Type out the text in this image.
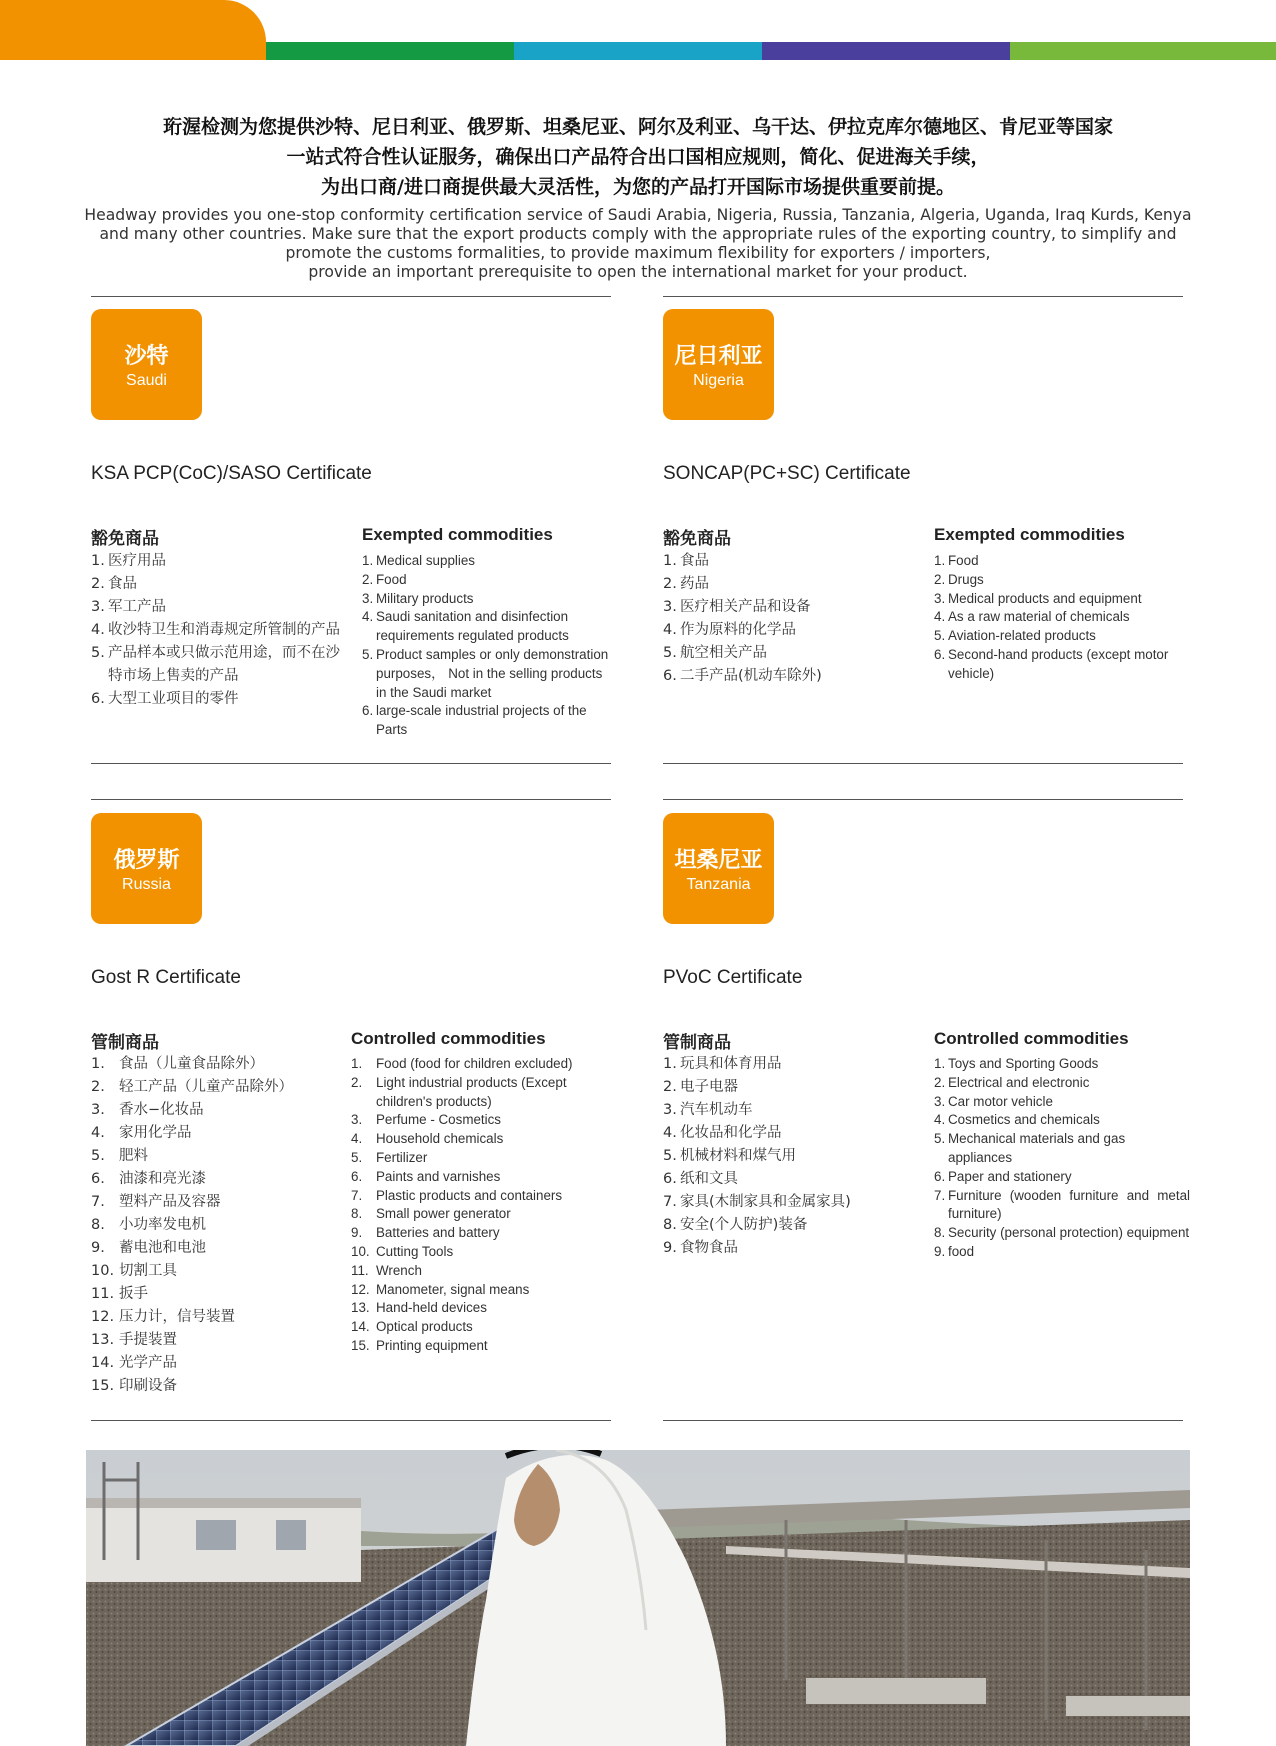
珩渥检测为您提供沙特、尼日利亚、俄罗斯、坦桑尼亚、阿尔及利亚、乌干达、伊拉克库尔德地区、肯尼亚等国家
一站式符合性认证服务，确保出口产品符合出口国相应规则，简化、促进海关手续，
为出口商/进口商提供最大灵活性，为您的产品打开国际市场提供重要前提。
Headway provides you one-stop conformity certification service of Saudi Arabia, Nigeria, Russia, Tanzania, Algeria, Uganda, Iraq Kurds, Kenya
and many other countries. Make sure that the export products comply with the appropriate rules of the exporting country, to simplify and
promote the customs formalities, to provide maximum flexibility for exporters / importers,
provide an important prerequisite to open the international market for your product.
沙特
Saudi
KSA PCP(CoC)/SASO Certificate
豁免商品
1. 医疗用品
2. 食品
3. 军工产品
4. 收沙特卫生和消毒规定所管制的产品
5. 产品样本或只做示范用途，而不在沙特市场上售卖的产品
6. 大型工业项目的零件
Exempted commodities
1. Medical supplies
2. Food
3. Military products
4. Saudi sanitation and disinfection requirements regulated products
5. Product samples or only demonstration purposes， Not in the selling products in the Saudi market
6. large-scale industrial projects of the Parts
尼日利亚
Nigeria
SONCAP(PC+SC) Certificate
豁免商品
1. 食品
2. 药品
3. 医疗相关产品和设备
4. 作为原料的化学品
5. 航空相关产品
6. 二手产品(机动车除外)
Exempted commodities
1. Food
2. Drugs
3. Medical products and equipment
4. As a raw material of chemicals
5. Aviation-related products
6. Second-hand products (except motor vehicle)
俄罗斯
Russia
Gost R Certificate
管制商品
1. 食品（儿童食品除外）
2. 轻工产品（儿童产品除外）
3. 香水−化妆品
4. 家用化学品
5. 肥料
6. 油漆和亮光漆
7. 塑料产品及容器
8. 小功率发电机
9. 蓄电池和电池
10. 切割工具
11. 扳手
12. 压力计，信号装置
13. 手提装置
14. 光学产品
15. 印刷设备
Controlled commodities
1.	Food (food for children excluded)
2.	Light industrial products (Except children's products)
3.	Perfume - Cosmetics
4.	Household chemicals
5.	Fertilizer
6.	Paints and varnishes
7.	Plastic products and containers
8.	Small power generator
9.	Batteries and battery
10. Cutting Tools
11. Wrench
12. Manometer, signal means
13. Hand-held devices
14. Optical products
15. Printing equipment
坦桑尼亚
Tanzania
PVoC Certificate
管制商品
1. 玩具和体育用品
2. 电子电器
3. 汽车机动车
4. 化妆品和化学品
5. 机械材料和煤气用
6. 纸和文具
7. 家具(木制家具和金属家具)
8. 安全(个人防护)装备
9. 食物食品
Controlled commodities
1. Toys and Sporting Goods
2. Electrical and electronic
3. Car motor vehicle
4. Cosmetics and chemicals
5. Mechanical materials and gas appliances
6. Paper and stationery
7. Furniture (wooden furniture and metal furniture)
8. Security (personal protection) equipment
9. food
